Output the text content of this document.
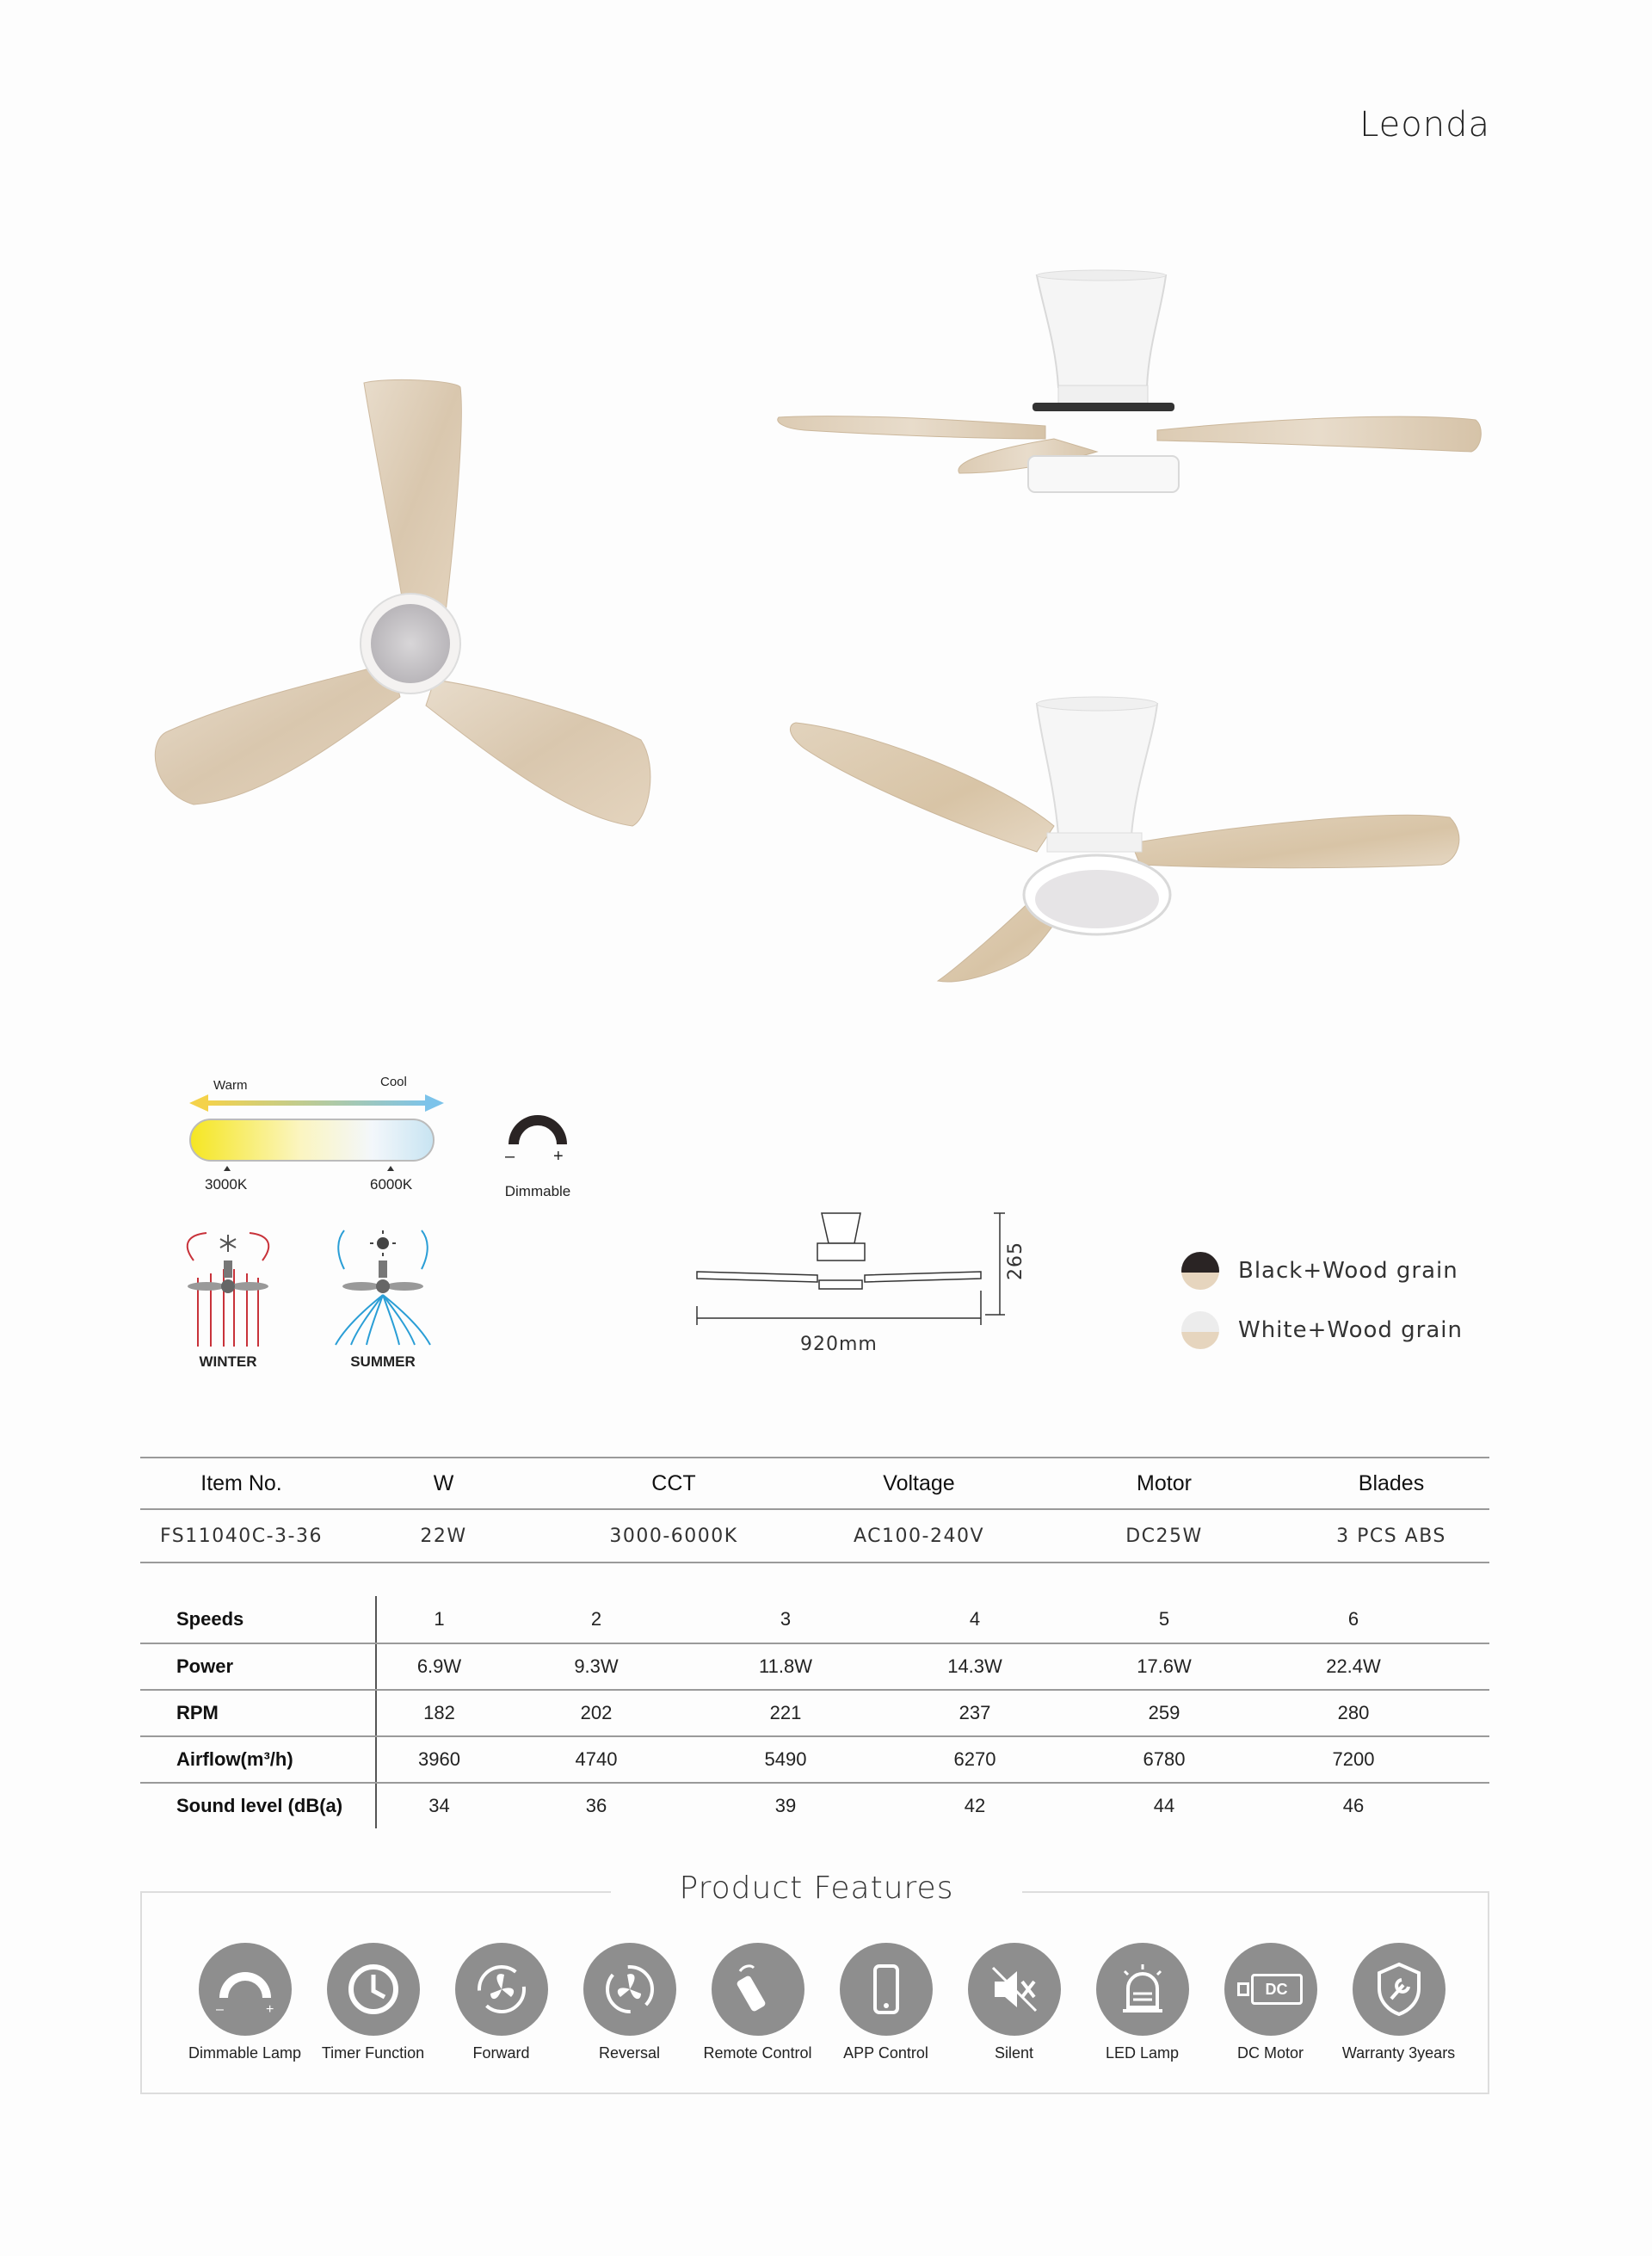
Leonda
Warm	Cool
3000K	6000K
– +
Dimmable
WINTER	SUMMER
920mm
265	Black+Wood grain
White+Wood grain
Item No.	W	CCT	Voltage	Motor	Blades
FS11040C-3-36	22W	3000-6000K	AC100-240V	DC25W	3 PCS ABS
Speeds	1	2	3	4	5	6
Power	6.9W	9.3W	11.8W	14.3W	17.6W	22.4W
RPM	182	202	221	237	259	280
Airflow(m³/h)	3960	4740	5490	6270	6780	7200
Sound level (dB(a)	34	36	39	42	44	46
Product Features
–	+
Dimmable Lamp	Timer Function	Forward	Reversal	Remote Control	APP Control	Silent	LED Lamp
DC
DC Motor	Warranty 3years
